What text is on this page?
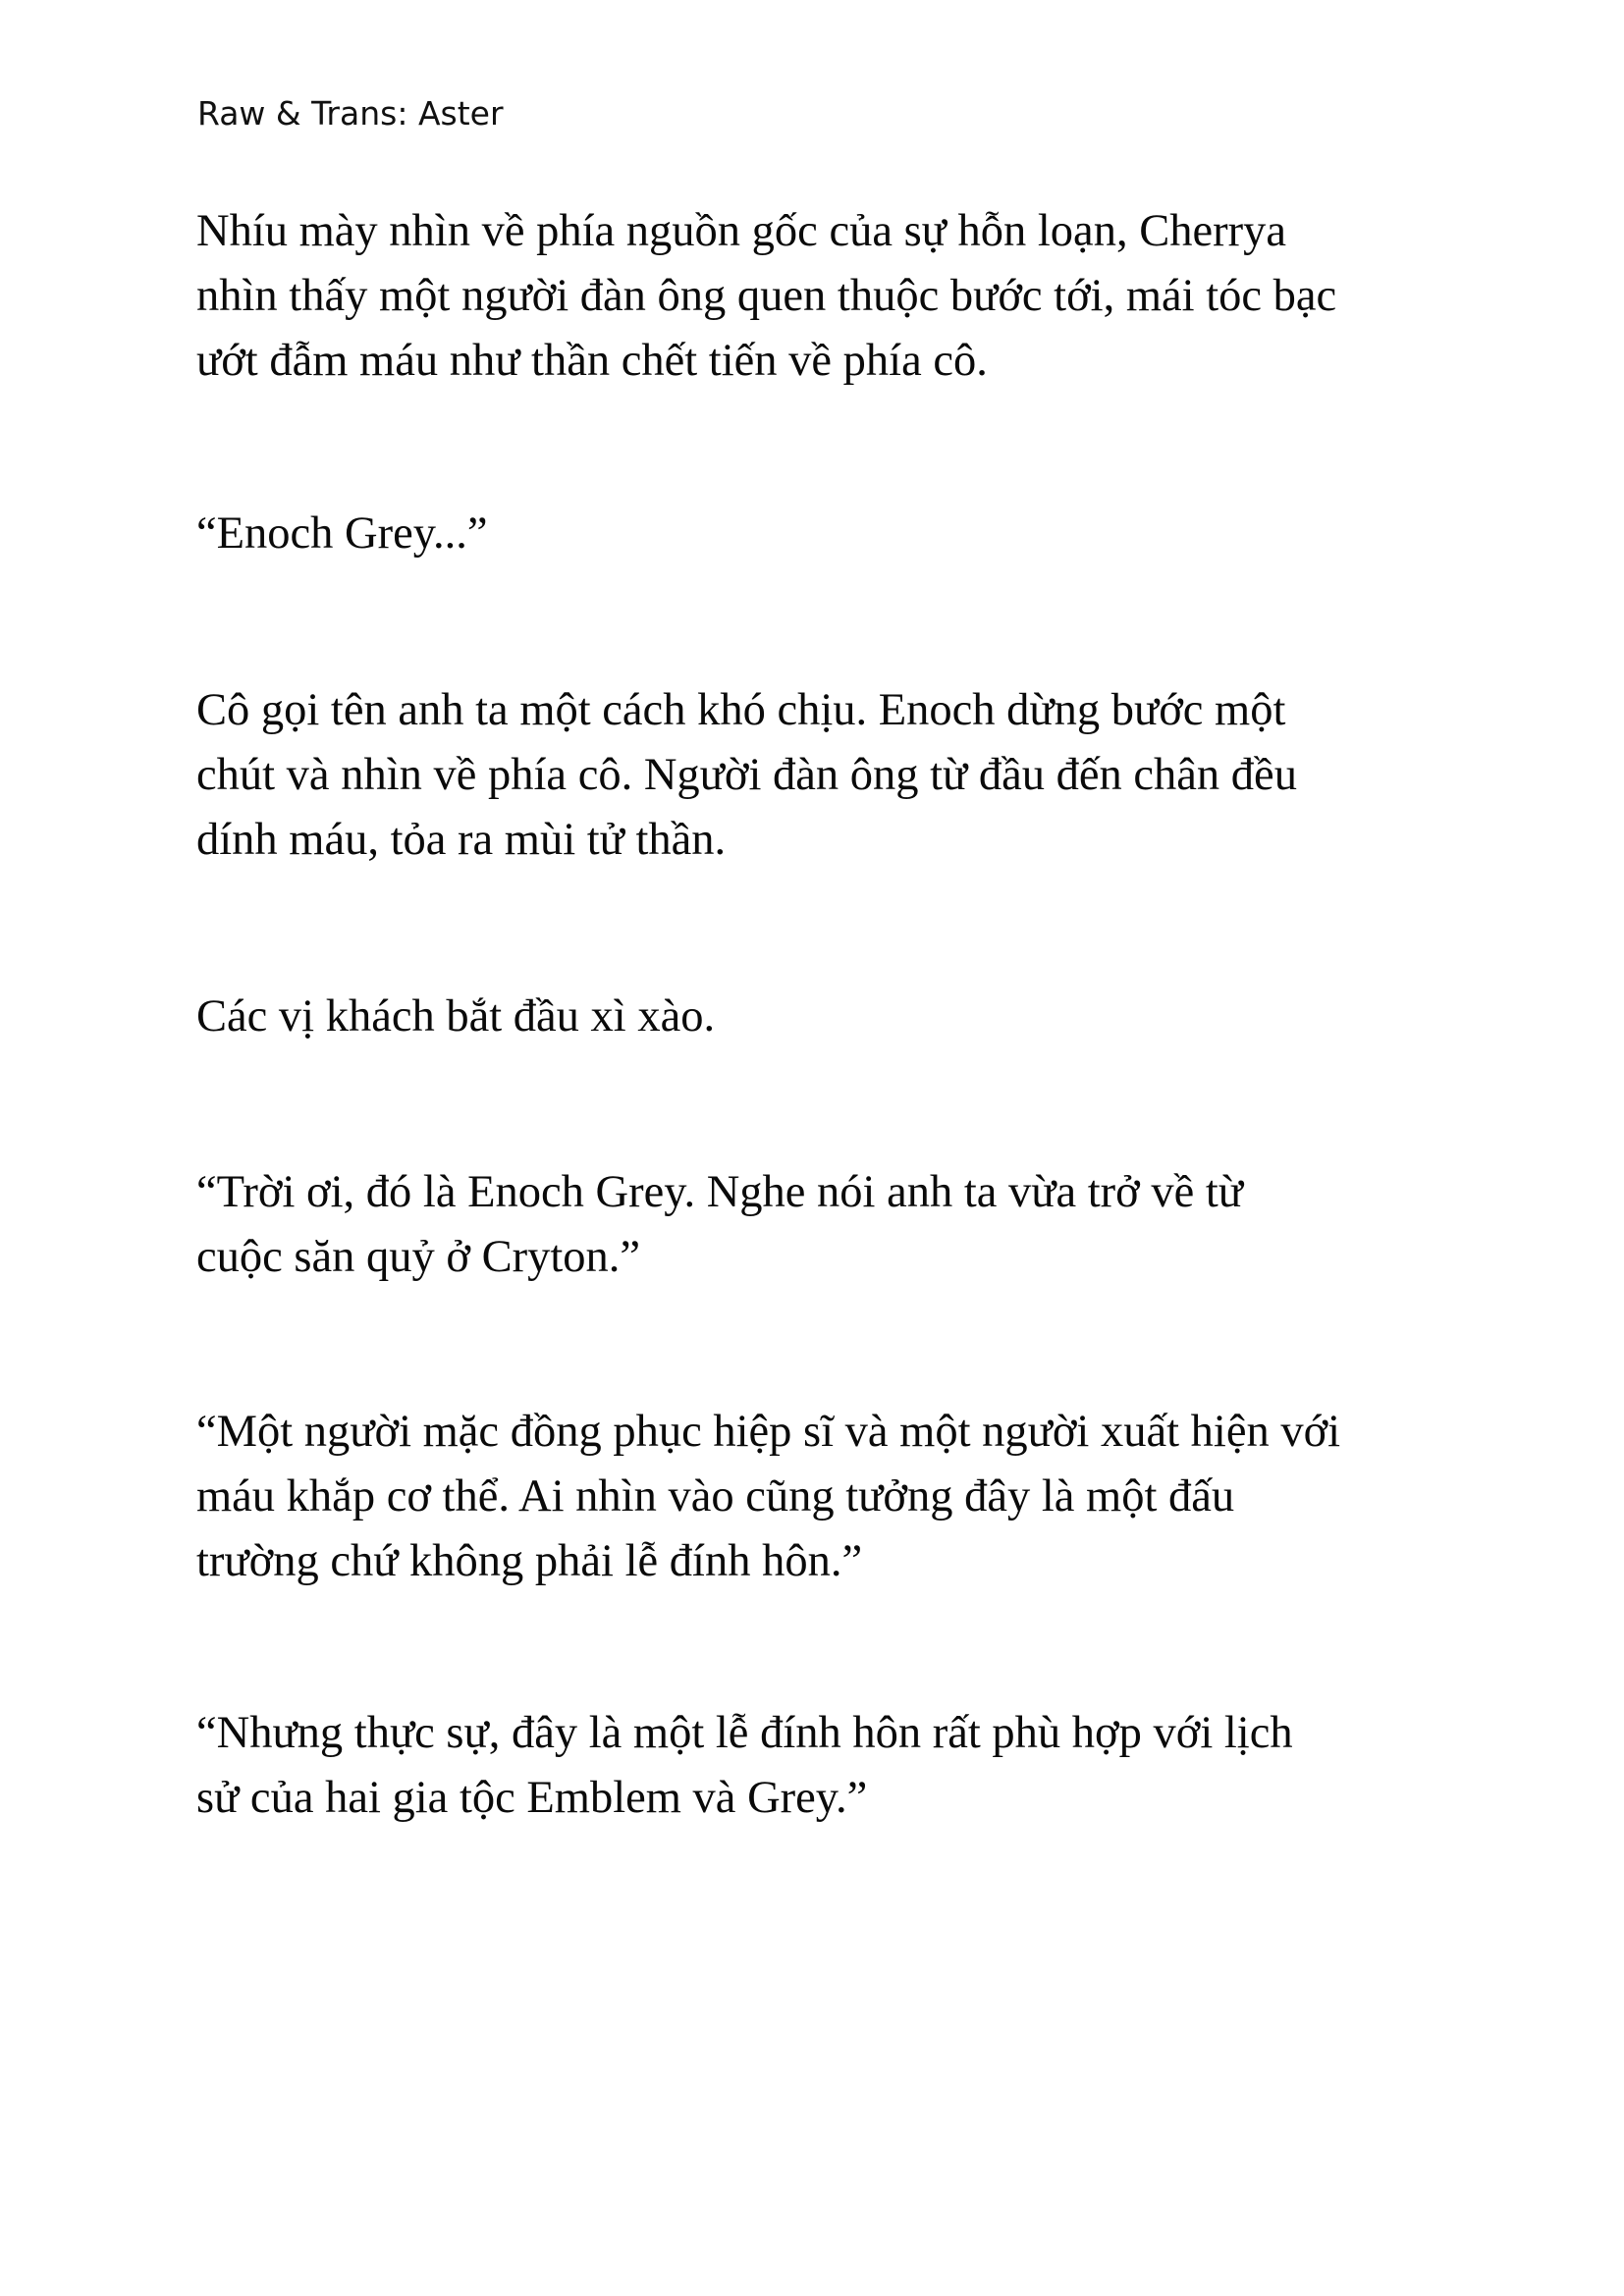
Raw & Trans: Aster

Nhíu mày nhìn về phía nguồn gốc của sự hỗn loạn, Cherrya
nhìn thấy một người đàn ông quen thuộc bước tới, mái tóc bạc
ướt đẫm máu như thần chết tiến về phía cô.

“Enoch Grey...”

Cô gọi tên anh ta một cách khó chịu. Enoch dừng bước một
chút và nhìn về phía cô. Người đàn ông từ đầu đến chân đều
dính máu, tỏa ra mùi tử thần.

Các vị khách bắt đầu xì xào.

“Trời ơi, đó là Enoch Grey. Nghe nói anh ta vừa trở về từ
cuộc săn quỷ ở Cryton.”

“Một người mặc đồng phục hiệp sĩ và một người xuất hiện với
máu khắp cơ thể. Ai nhìn vào cũng tưởng đây là một đấu
trường chứ không phải lễ đính hôn.”

“Nhưng thực sự, đây là một lễ đính hôn rất phù hợp với lịch
sử của hai gia tộc Emblem và Grey.”
